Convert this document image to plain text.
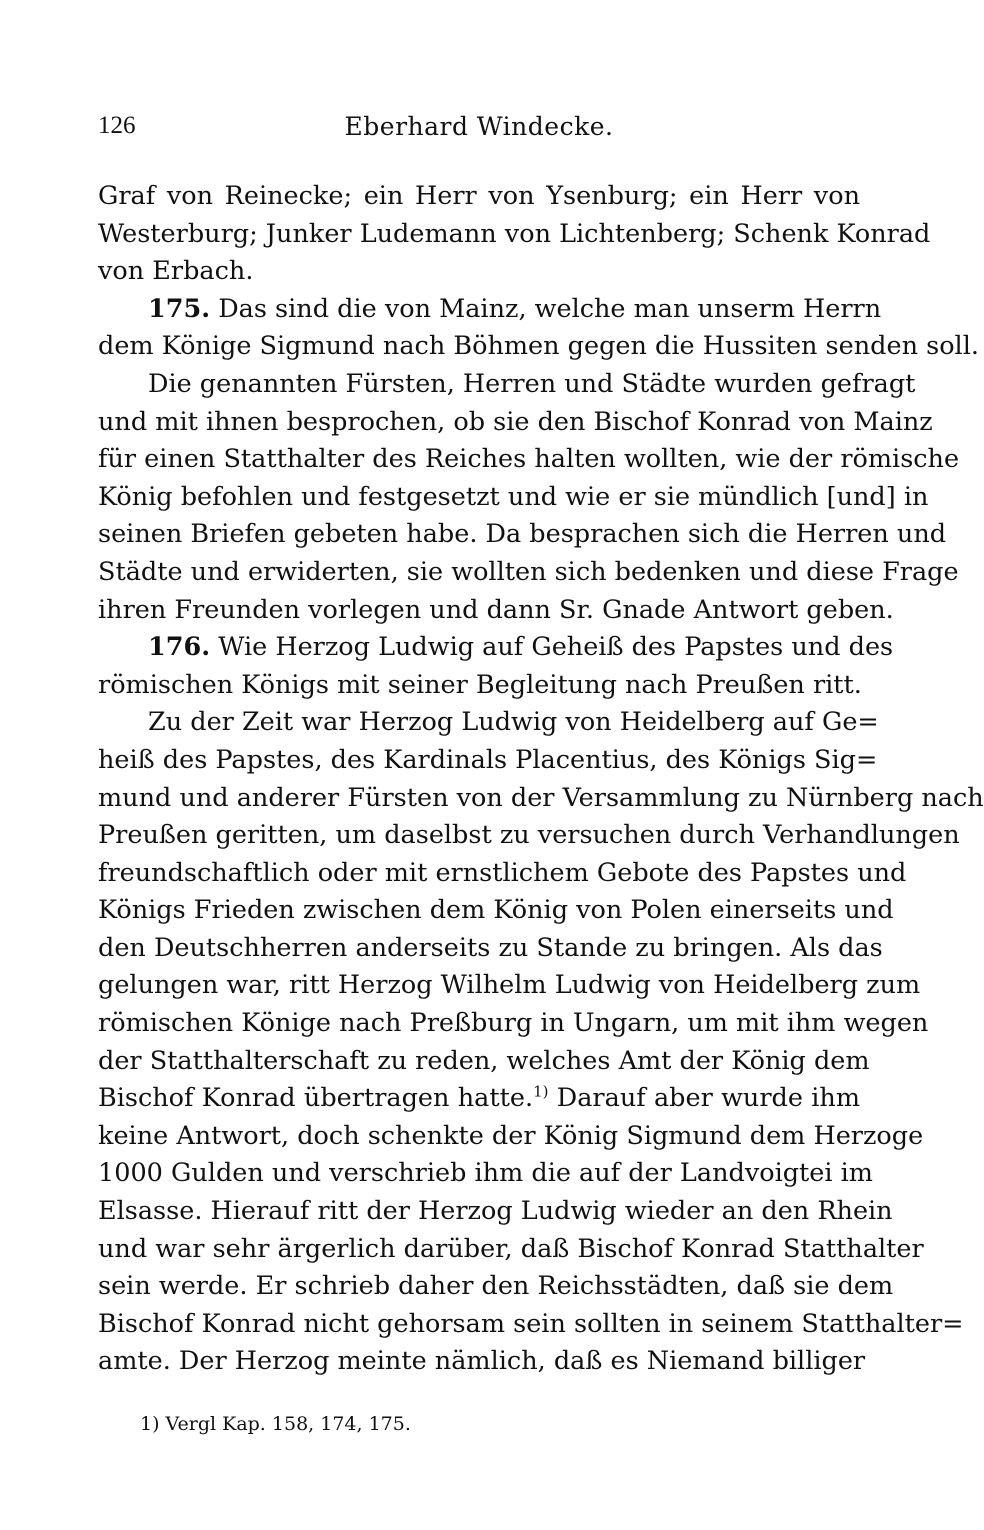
126	Eberhard Windecke.
Graf von Reinecke; ein Herr von Ysenburg; ein Herr von
Westerburg; Junker Ludemann von Lichtenberg; Schenk Konrad
von Erbach.
175. Das sind die von Mainz, welche man unserm Herrn
dem Könige Sigmund nach Böhmen gegen die Hussiten senden soll.
Die genannten Fürsten, Herren und Städte wurden gefragt
und mit ihnen besprochen, ob sie den Bischof Konrad von Mainz
für einen Statthalter des Reiches halten wollten, wie der römische
König befohlen und festgesetzt und wie er sie mündlich [und] in
seinen Briefen gebeten habe. Da besprachen sich die Herren und
Städte und erwiderten, sie wollten sich bedenken und diese Frage
ihren Freunden vorlegen und dann Sr. Gnade Antwort geben.
176. Wie Herzog Ludwig auf Geheiß des Papstes und des
römischen Königs mit seiner Begleitung nach Preußen ritt.
Zu der Zeit war Herzog Ludwig von Heidelberg auf Ge=
heiß des Papstes, des Kardinals Placentius, des Königs Sig=
mund und anderer Fürsten von der Versammlung zu Nürnberg nach
Preußen geritten, um daselbst zu versuchen durch Verhandlungen
freundschaftlich oder mit ernstlichem Gebote des Papstes und
Königs Frieden zwischen dem König von Polen einerseits und
den Deutschherren anderseits zu Stande zu bringen. Als das
gelungen war, ritt Herzog Wilhelm Ludwig von Heidelberg zum
römischen Könige nach Preßburg in Ungarn, um mit ihm wegen
der Statthalterschaft zu reden, welches Amt der König dem
Bischof Konrad übertragen hatte.$^{1)}$ Darauf aber wurde ihm
keine Antwort, doch schenkte der König Sigmund dem Herzoge
1000 Gulden und verschrieb ihm die auf der Landvoigtei im
Elsasse. Hierauf ritt der Herzog Ludwig wieder an den Rhein
und war sehr ärgerlich darüber, daß Bischof Konrad Statthalter
sein werde. Er schrieb daher den Reichsstädten, daß sie dem
Bischof Konrad nicht gehorsam sein sollten in seinem Statthalter=
amte. Der Herzog meinte nämlich, daß es Niemand billiger
1) Vergl Kap. 158, 174, 175.
